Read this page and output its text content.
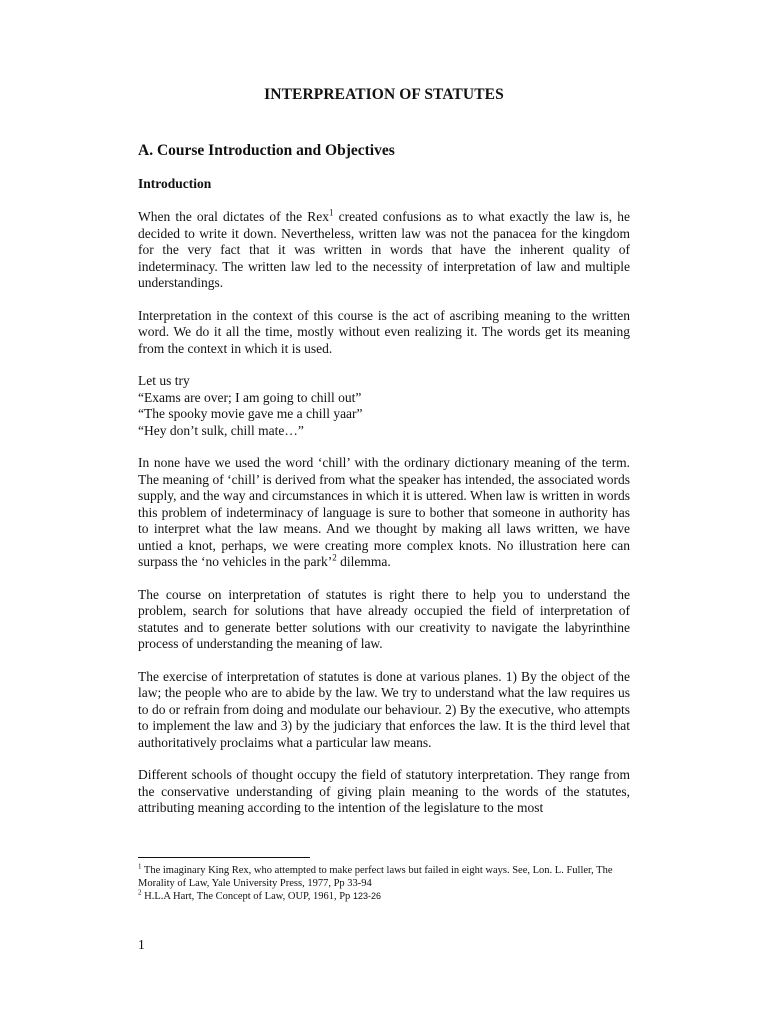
INTERPREATION OF STATUTES
A. Course Introduction and Objectives
Introduction

When the oral dictates of the Rex$^1$ created confusions as to what exactly the law is, he decided to write it down. Nevertheless, written law was not the panacea for the kingdom for the very fact that it was written in words that have the inherent quality of indeterminacy. The written law led to the necessity of interpretation of law and multiple understandings.

Interpretation in the context of this course is the act of ascribing meaning to the written word. We do it all the time, mostly without even realizing it. The words get its meaning from the context in which it is used.

Let us try
“Exams are over; I am going to chill out”
“The spooky movie gave me a chill yaar”
“Hey don’t sulk, chill mate…”

In none have we used the word ‘chill’ with the ordinary dictionary meaning of the term. The meaning of ‘chill’ is derived from what the speaker has intended, the associated words supply, and the way and circumstances in which it is uttered. When law is written in words this problem of indeterminacy of language is sure to bother that someone in authority has to interpret what the law means. And we thought by making all laws written, we have untied a knot, perhaps, we were creating more complex knots. No illustration here can surpass the ‘no vehicles in the park’$^2$ dilemma.

The course on interpretation of statutes is right there to help you to understand the problem, search for solutions that have already occupied the field of interpretation of statutes and to generate better solutions with our creativity to navigate the labyrinthine process of understanding the meaning of law.

The exercise of interpretation of statutes is done at various planes. 1) By the object of the law; the people who are to abide by the law. We try to understand what the law requires us to do or refrain from doing and modulate our behaviour. 2) By the executive, who attempts to implement the law and 3) by the judiciary that enforces the law. It is the third level that authoritatively proclaims what a particular law means.

Different schools of thought occupy the field of statutory interpretation. They range from the conservative understanding of giving plain meaning to the words of the statutes, attributing meaning according to the intention of the legislature to the most

$^1$ The imaginary King Rex, who attempted to make perfect laws but failed in eight ways. See, Lon. L. Fuller, The Morality of Law, Yale University Press, 1977, Pp 33-94
$^2$ H.L.A Hart, The Concept of Law, OUP, 1961, Pp 123-26
1
